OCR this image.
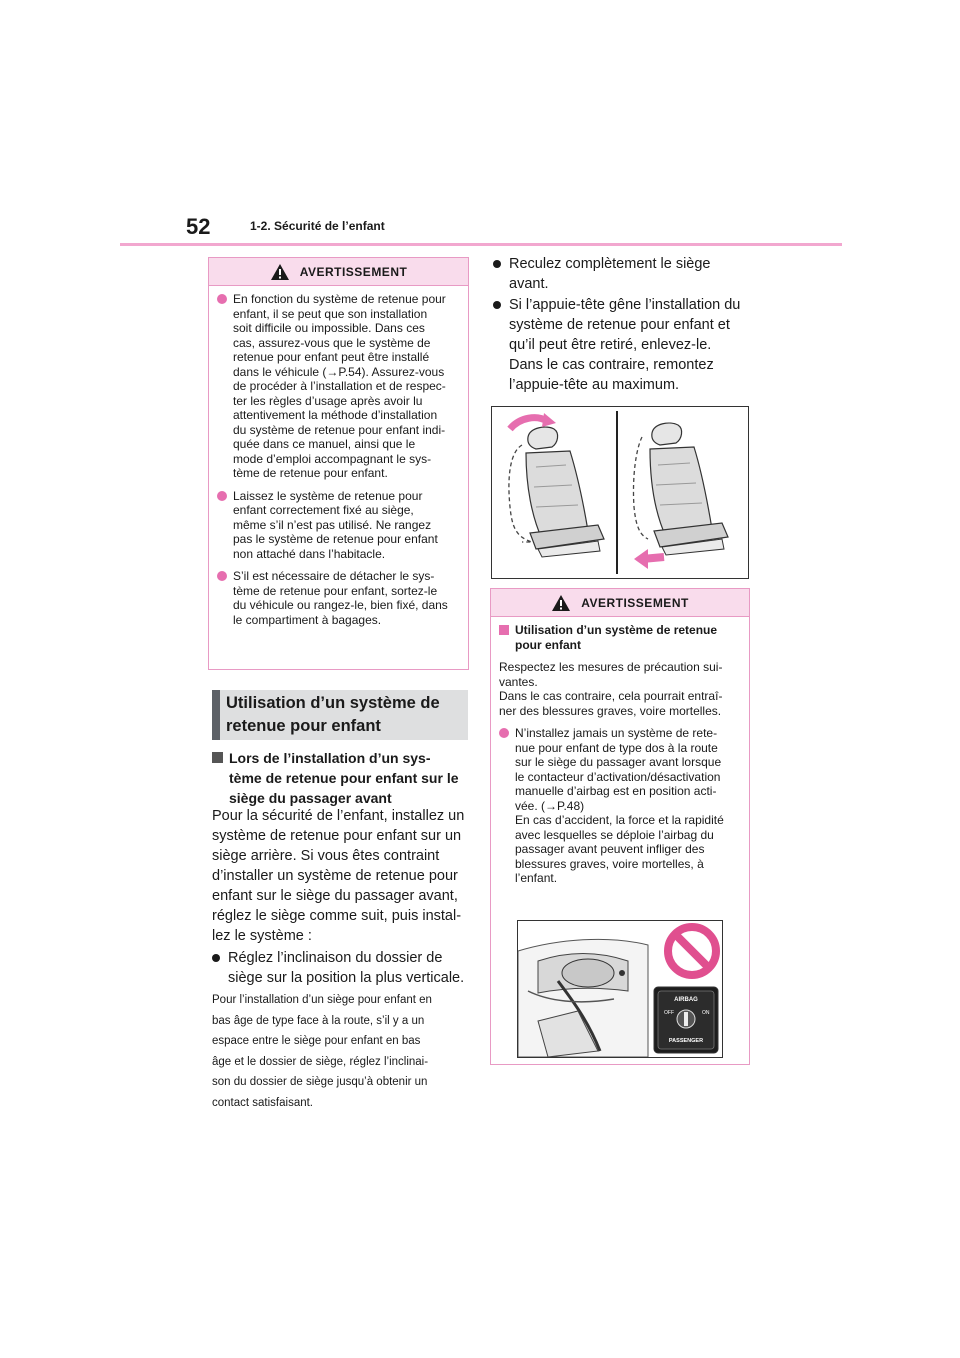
52	1-2. Sécurité de l’enfant
AVERTISSEMENT
En fonction du système de retenue pour
enfant, il se peut que son installation
soit difficile ou impossible. Dans ces
cas, assurez-vous que le système de
retenue pour enfant peut être installé
dans le véhicule (→P.54). Assurez-vous
de procéder à l’installation et de respec-
ter les règles d’usage après avoir lu
attentivement la méthode d’installation
du système de retenue pour enfant indi-
quée dans ce manuel, ainsi que le
mode d’emploi accompagnant le sys-
tème de retenue pour enfant.
Laissez le système de retenue pour
enfant correctement fixé au siège,
même s’il n’est pas utilisé. Ne rangez
pas le système de retenue pour enfant
non attaché dans l’habitacle.
S’il est nécessaire de détacher le sys-
tème de retenue pour enfant, sortez-le
du véhicule ou rangez-le, bien fixé, dans
le compartiment à bagages.
Utilisation d’un système de
retenue pour enfant
Lors de l’installation d’un sys-
tème de retenue pour enfant sur le
siège du passager avant
Pour la sécurité de l’enfant, installez un
système de retenue pour enfant sur un
siège arrière. Si vous êtes contraint
d’installer un système de retenue pour
enfant sur le siège du passager avant,
réglez le siège comme suit, puis instal-
lez le système :
Réglez l’inclinaison du dossier de
siège sur la position la plus verticale.
Pour l’installation d’un siège pour enfant en
bas âge de type face à la route, s’il y a un
espace entre le siège pour enfant en bas
âge et le dossier de siège, réglez l’inclinai-
son du dossier de siège jusqu’à obtenir un
contact satisfaisant.
Reculez complètement le siège
avant.
Si l’appuie-tête gêne l’installation du
système de retenue pour enfant et
qu’il peut être retiré, enlevez-le.
Dans le cas contraire, remontez
l’appuie-tête au maximum.
AVERTISSEMENT
Utilisation d’un système de retenue
pour enfant
Respectez les mesures de précaution sui-
vantes.
Dans le cas contraire, cela pourrait entraî-
ner des blessures graves, voire mortelles.
N’installez jamais un système de rete-
nue pour enfant de type dos à la route
sur le siège du passager avant lorsque
le contacteur d’activation/désactivation
manuelle d’airbag est en position acti-
vée. (→P.48)
En cas d’accident, la force et la rapidité
avec lesquelles se déploie l’airbag du
passager avant peuvent infliger des
blessures graves, voire mortelles, à
l’enfant.
AIRBAG
OFF	ON
PASSENGER
